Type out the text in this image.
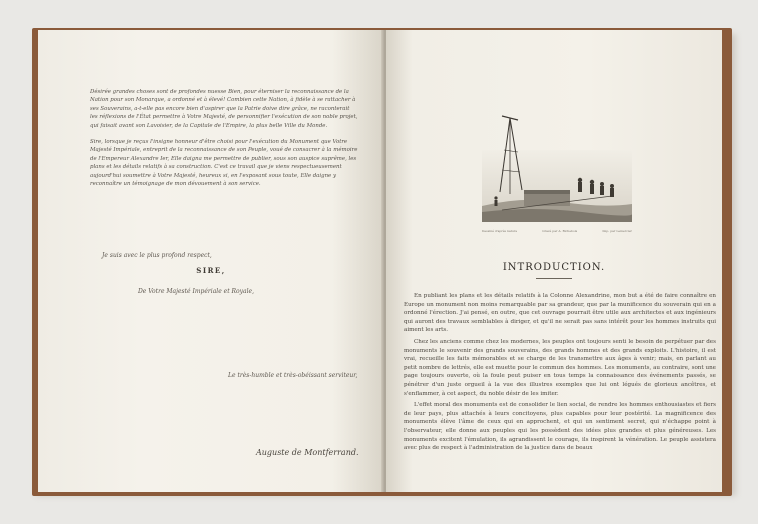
Désirée grandes choses sont de profondes nuesse Bien, pour éterniser la reconnaissance de la Nation pour son Monarque, a ordonné et à élevé! Combien cette Nation, à fidèle à se rattacher à ses Souverains, a-t-elle pas encore bien d'aspirer que la Patrie doive dire grâce, ne raconterait les réflexions de l'État permettre à Votre Majesté, de personnifier l'exécution de son noble projet, qui faisait avant son Lavoisier, de la Capitale de l'Empire, la plus belle Ville du Monde.
Sire, lorsque je reçus l'insigne honneur d'être choisi pour l'exécution du Monument que Votre Majesté Impériale, entreprit de la reconnaissance de son Peuple, voué de consacrer à la mémoire de l'Empereur Alexandre Ier, Elle daigna me permettre de publier, sous son auspice suprême, les plans et les détails relatifs à sa construction. C'est ce travail que je viens respectueusement aujourd'hui soumettre à Votre Majesté, heureux si, en l'exposant sous toute, Elle daigne y reconnaître un témoignage de mon dévouement à son service.
Je suis avec le plus profond respect,
SIRE,
De Votre Majesté Impériale et Royale,
Le très-humble et très-obéissant serviteur,
Auguste de Montferrand.
Dessiné d'après nature	Gravé par A. Bichebois	Imp. par Lemercier
INTRODUCTION.

En publiant les plans et les détails relatifs à la Colonne Alexandrine, mon but a été de faire connaître en Europe un monument non moins remarquable par sa grandeur, que par la munificence du souverain qui en a ordonné l'érection. J'ai pensé, en outre, que cet ouvrage pourrait être utile aux architectes et aux ingénieurs qui auront des travaux semblables à diriger, et qu'il ne serait pas sans intérêt pour les hommes instruits qui aiment les arts.

Chez les anciens comme chez les modernes, les peuples ont toujours senti le besoin de perpétuer par des monuments le souvenir des grands souverains, des grands hommes et des grands exploits. L'histoire, il est vrai, recueille les faits mémorables et se charge de les transmettre aux âges à venir; mais, en parlant au petit nombre de lettrés, elle est muette pour le commun des hommes. Les monuments, au contraire, sont une page toujours ouverte, où la foule peut puiser en tous temps la connaissance des événements passés, se pénétrer d'un juste orgueil à la vue des illustres exemples que lui ont légués de glorieux ancêtres, et s'enflammer, à cet aspect, du noble désir de les imiter.

L'effet moral des monuments est de consolider le lien social, de rendre les hommes enthousiastes et fiers de leur pays, plus attachés à leurs concitoyens, plus capables pour leur postérité. La magnificence des monuments élève l'âme de ceux qui en approchent, et qui un sentiment secret, qui n'échappe point à l'observateur, elle donne aux peuples qui les possèdent des idées plus grandes et plus généreuses. Les monuments excitent l'émulation, ils agrandissent le courage, ils inspirent la vénération. Le peuple assistera avec plus de respect à l'administration de la justice dans de beaux
